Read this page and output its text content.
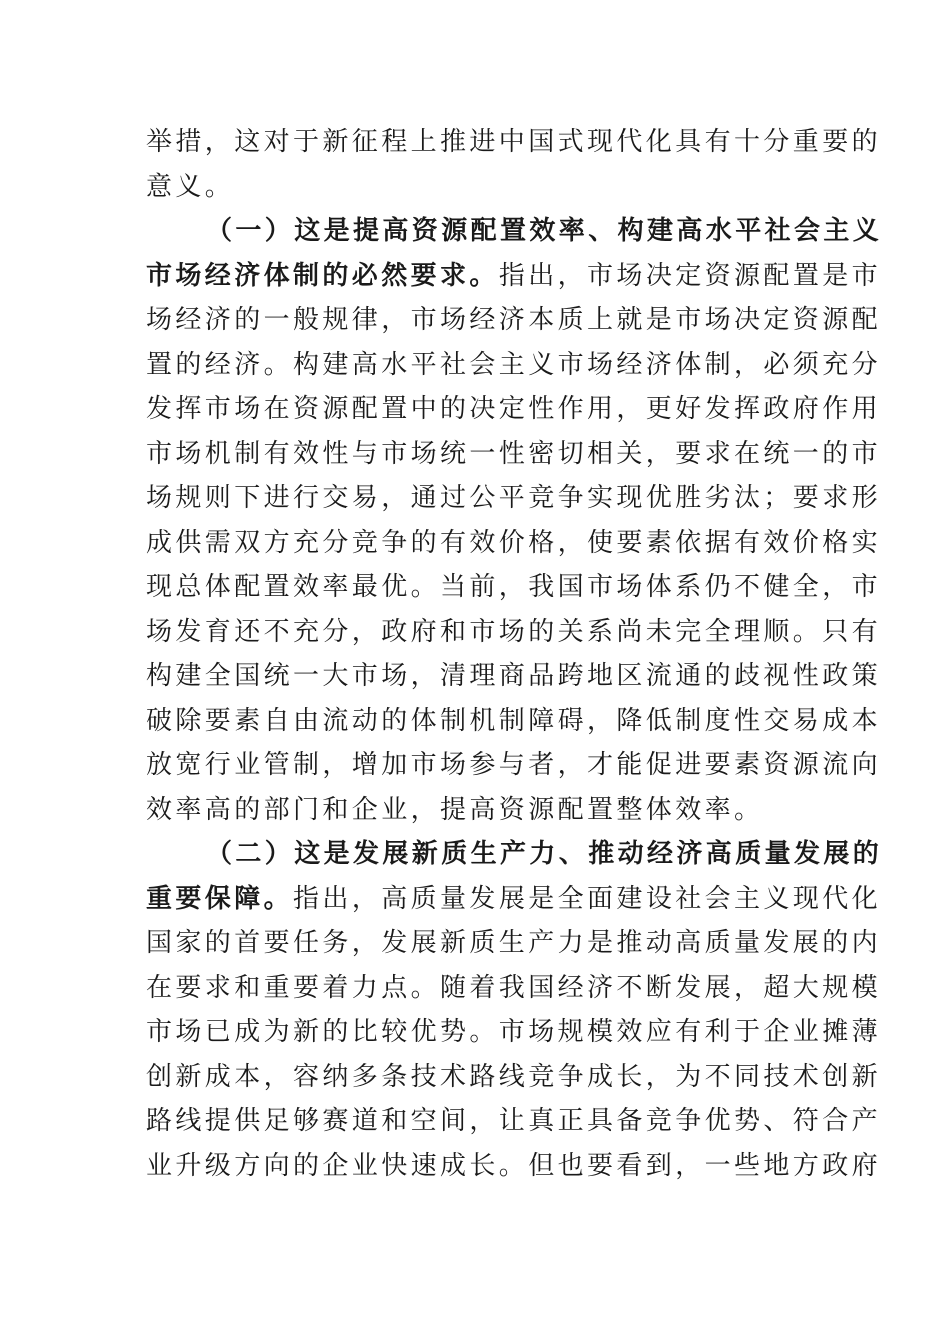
举措，这对于新征程上推进中国式现代化具有十分重要的
意义。
（一）这是提高资源配置效率、构建高水平社会主义
市场经济体制的必然要求。指出，市场决定资源配置是市
场经济的一般规律，市场经济本质上就是市场决定资源配
置的经济。构建高水平社会主义市场经济体制，必须充分
发挥市场在资源配置中的决定性作用，更好发挥政府作用
市场机制有效性与市场统一性密切相关，要求在统一的市
场规则下进行交易，通过公平竞争实现优胜劣汰；要求形
成供需双方充分竞争的有效价格，使要素依据有效价格实
现总体配置效率最优。当前，我国市场体系仍不健全，市
场发育还不充分，政府和市场的关系尚未完全理顺。只有
构建全国统一大市场，清理商品跨地区流通的歧视性政策
破除要素自由流动的体制机制障碍，降低制度性交易成本
放宽行业管制，增加市场参与者，才能促进要素资源流向
效率高的部门和企业，提高资源配置整体效率。
（二）这是发展新质生产力、推动经济高质量发展的
重要保障。指出，高质量发展是全面建设社会主义现代化
国家的首要任务，发展新质生产力是推动高质量发展的内
在要求和重要着力点。随着我国经济不断发展，超大规模
市场已成为新的比较优势。市场规模效应有利于企业摊薄
创新成本，容纳多条技术路线竞争成长，为不同技术创新
路线提供足够赛道和空间，让真正具备竞争优势、符合产
业升级方向的企业快速成长。但也要看到，一些地方政府
